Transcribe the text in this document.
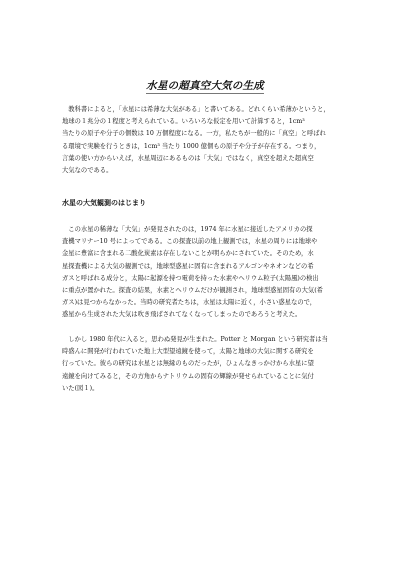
水星の超真空大気の生成

　教科書によると，「水星には希薄な大気がある」と書いてある。どれくらい希薄かというと，
地球の１兆分の１程度と考えられている。いろいろな仮定を用いて計算すると，1cm³
当たりの原子や分子の個数は 10 万個程度になる。一方，私たちが一般的に「真空」と呼ばれ
る環境で実験を行うときは，1cm³ 当たり 1000 億個もの原子や分子が存在する。つまり，
言葉の使い方からいえば，水星周辺にあるものは「大気」ではなく，真空を超えた超真空
大気なのである。

水星の大気観測のはじまり

　この水星の稀薄な「大気」が発見されたのは，1974 年に水星に接近したアメリカの探
査機マリナー10 号によってである。この探査以前の地上観測では，水星の周りには地球や
金星に豊富に含まれる二酸化炭素は存在しないことが明らかにされていた。そのため，水
星探査機による大気の観測では，地球型惑星に固有に含まれるアルゴンやネオンなどの希
ガスと呼ばれる成分と，太陽に起源を持つ電荷を持った水素やヘリウム粒子(太陽風)の検出
に重点が置かれた。探査の結果，水素とヘリウムだけが観測され，地球型惑星固有の大気(希
ガス)は見つからなかった。当時の研究者たちは，水星は太陽に近く，小さい惑星なので，
惑星から生成された大気は吹き飛ばされてなくなってしまったのであろうと考えた。

　しかし 1980 年代に入ると，思わぬ発見が生まれた。Potter と Morgan という研究者は当
時盛んに開発が行われていた地上大型望遠鏡を使って，太陽と地球の大気に関する研究を
行っていた。彼らの研究は水星とは無縁のものだったが，ひょんなきっかけから水星に望
遠鏡を向けてみると，その方角からナトリウムの固有の輝線が発せられていることに気付
いた(図１)。
